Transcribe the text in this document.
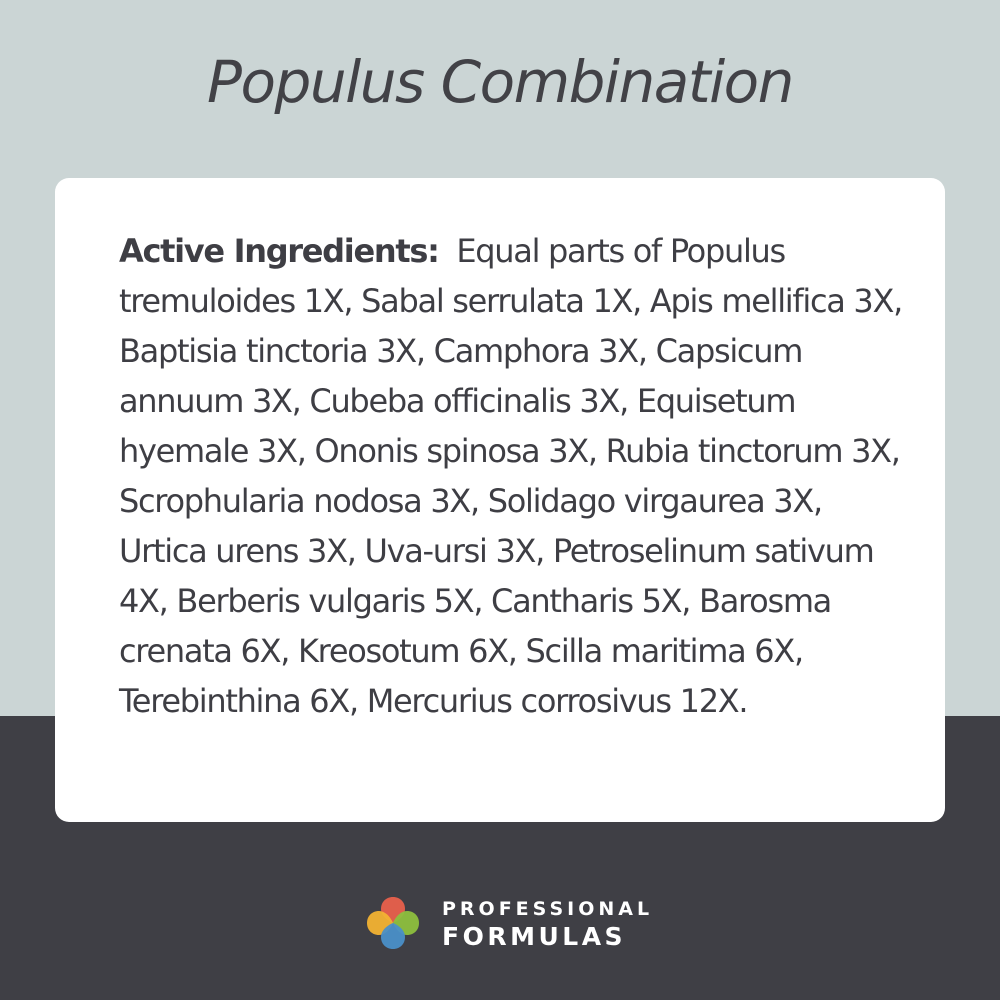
Populus Combination

Active Ingredients: Equal parts of Populus tremuloides 1X, Sabal serrulata 1X, Apis mellifica 3X, Baptisia tinctoria 3X, Camphora 3X, Capsicum annuum 3X, Cubeba officinalis 3X, Equisetum hyemale 3X, Ononis spinosa 3X, Rubia tinctorum 3X, Scrophularia nodosa 3X, Solidago virgaurea 3X, Urtica urens 3X, Uva-ursi 3X, Petroselinum sativum 4X, Berberis vulgaris 5X, Cantharis 5X, Barosma crenata 6X, Kreosotum 6X, Scilla maritima 6X, Terebinthina 6X, Mercurius corrosivus 12X.

PROFESSIONAL
FORMULAS
